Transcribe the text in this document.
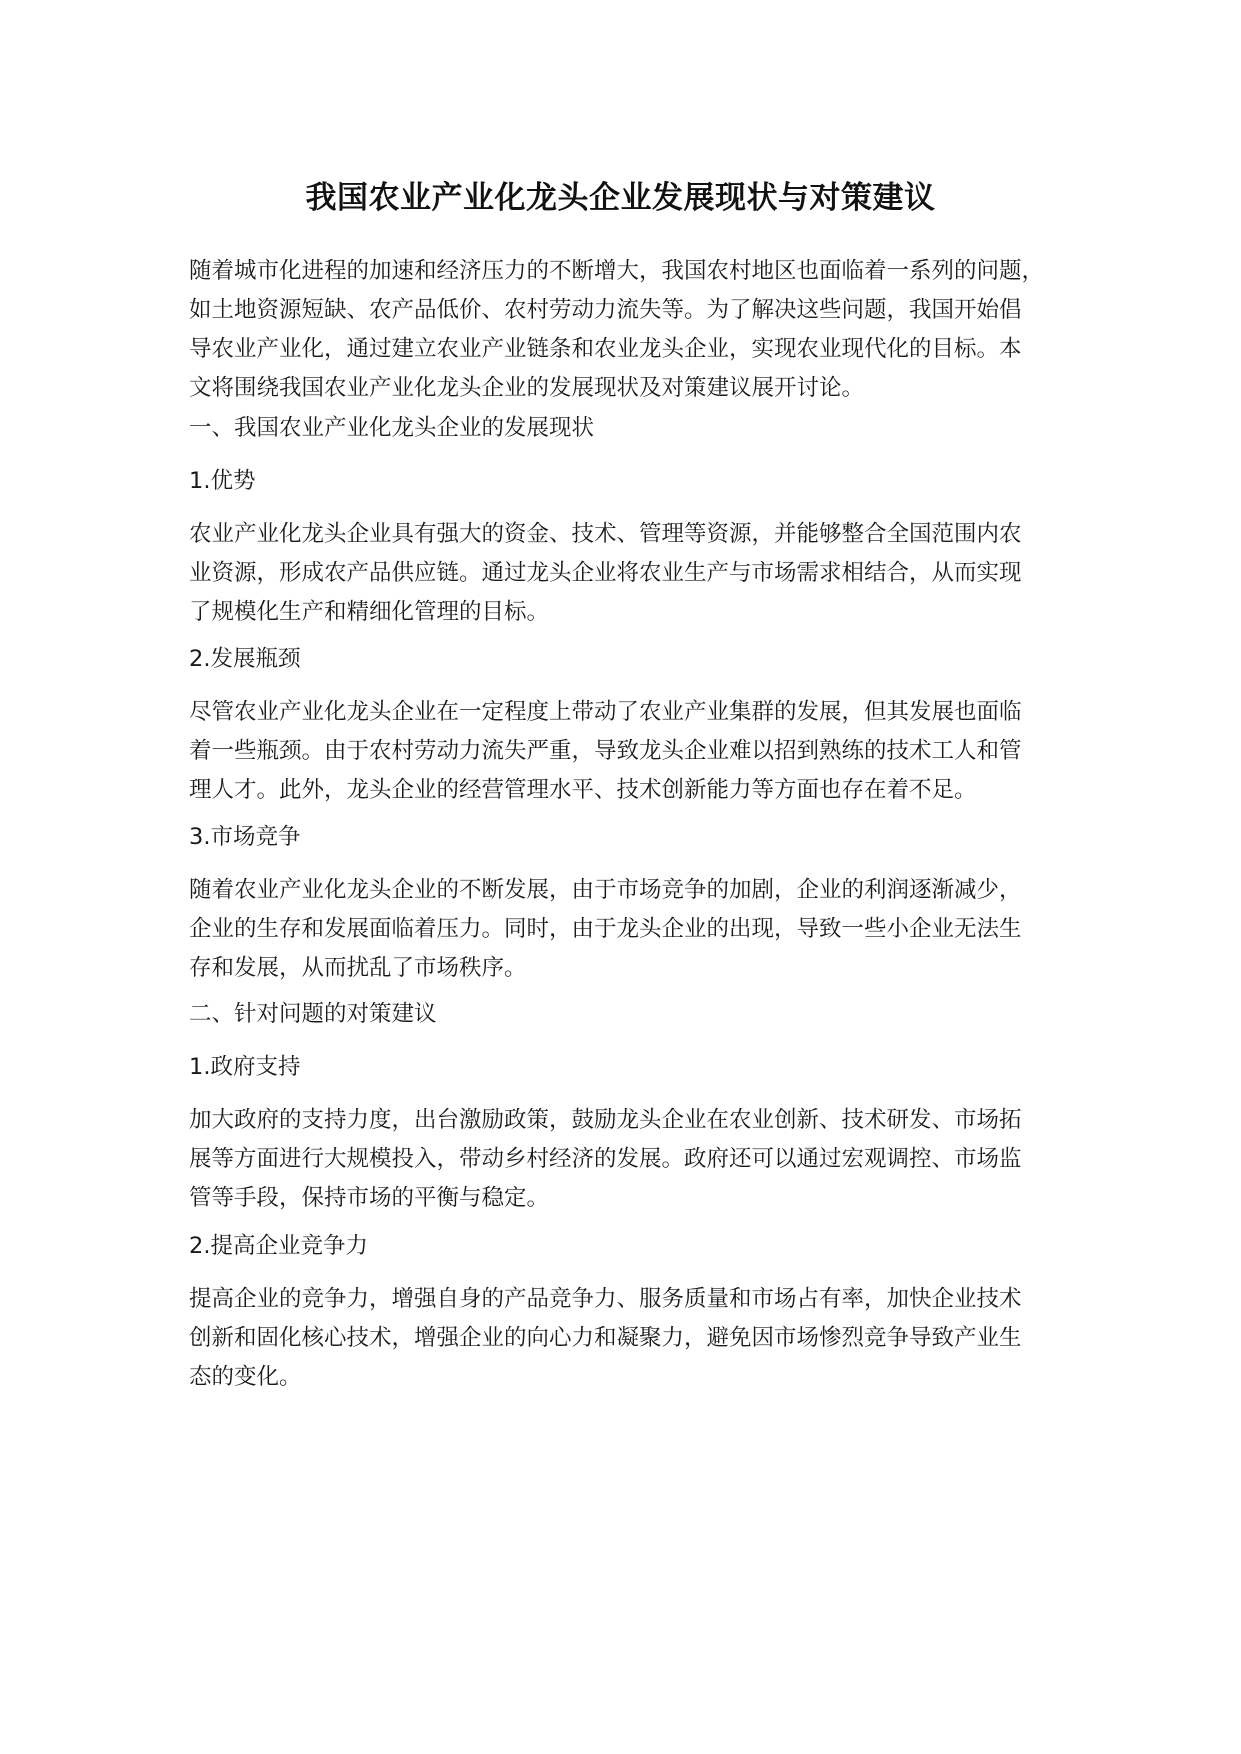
我国农业产业化龙头企业发展现状与对策建议

随着城市化进程的加速和经济压力的不断增大，我国农村地区也面临着一系列的问题，
如土地资源短缺、农产品低价、农村劳动力流失等。为了解决这些问题，我国开始倡
导农业产业化，通过建立农业产业链条和农业龙头企业，实现农业现代化的目标。本
文将围绕我国农业产业化龙头企业的发展现状及对策建议展开讨论。

一、我国农业产业化龙头企业的发展现状

1.优势

农业产业化龙头企业具有强大的资金、技术、管理等资源，并能够整合全国范围内农
业资源，形成农产品供应链。通过龙头企业将农业生产与市场需求相结合，从而实现
了规模化生产和精细化管理的目标。

2.发展瓶颈

尽管农业产业化龙头企业在一定程度上带动了农业产业集群的发展，但其发展也面临
着一些瓶颈。由于农村劳动力流失严重，导致龙头企业难以招到熟练的技术工人和管
理人才。此外，龙头企业的经营管理水平、技术创新能力等方面也存在着不足。

3.市场竞争

随着农业产业化龙头企业的不断发展，由于市场竞争的加剧，企业的利润逐渐减少，
企业的生存和发展面临着压力。同时，由于龙头企业的出现，导致一些小企业无法生
存和发展，从而扰乱了市场秩序。

二、针对问题的对策建议

1.政府支持

加大政府的支持力度，出台激励政策，鼓励龙头企业在农业创新、技术研发、市场拓
展等方面进行大规模投入，带动乡村经济的发展。政府还可以通过宏观调控、市场监
管等手段，保持市场的平衡与稳定。

2.提高企业竞争力

提高企业的竞争力，增强自身的产品竞争力、服务质量和市场占有率，加快企业技术
创新和固化核心技术，增强企业的向心力和凝聚力，避免因市场惨烈竞争导致产业生
态的变化。
